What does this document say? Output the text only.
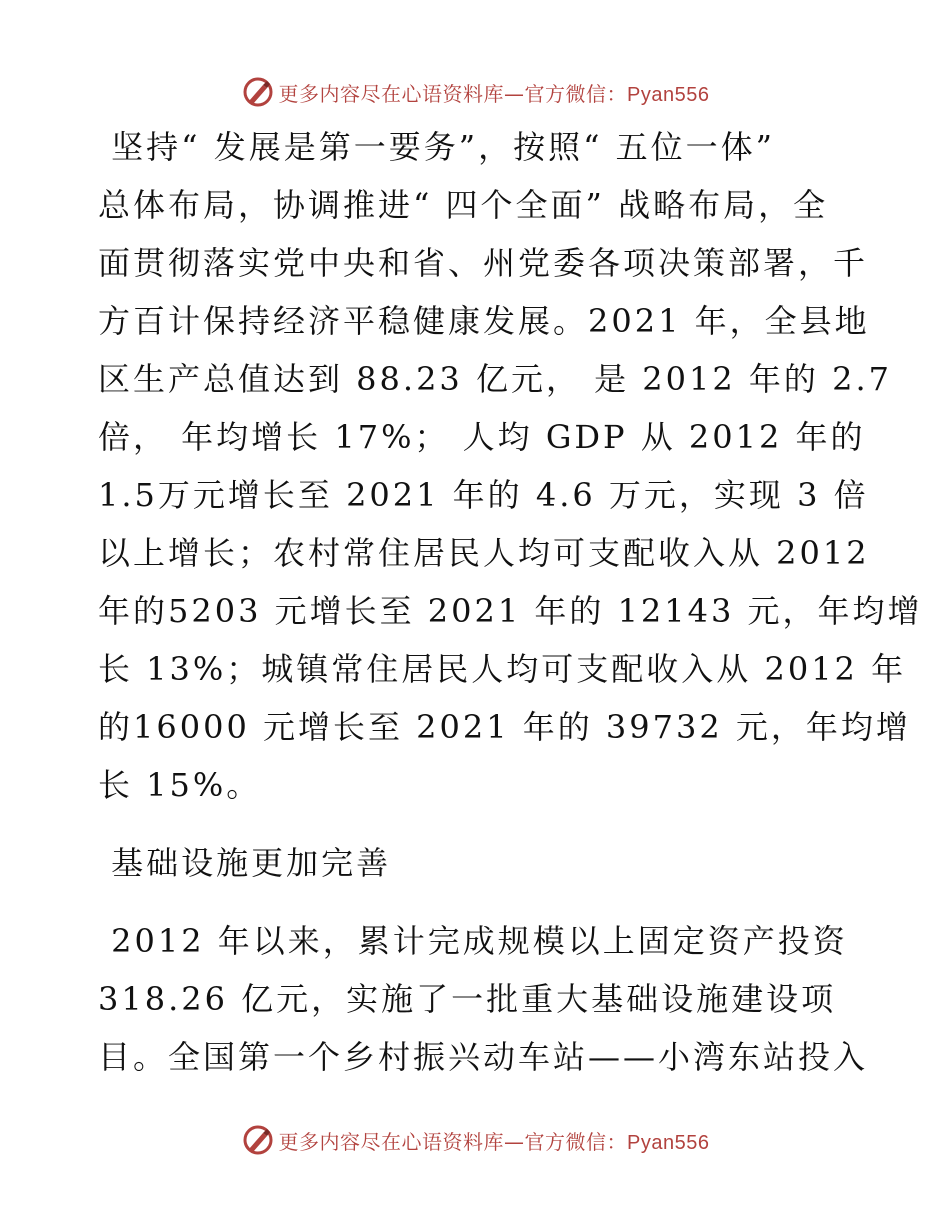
更多内容尽在心语资料库—官方微信：Pyan556
坚持“ 发展是第一要务”，按照“ 五位一体”
总体布局，协调推进“ 四个全面” 战略布局，全
面贯彻落实党中央和省、州党委各项决策部署，千
方百计保持经济平稳健康发展。2021 年，全县地
区生产总值达到 88.23 亿元， 是 2012 年的 2.7
倍， 年均增长 17%； 人均 GDP 从 2012 年的
1.5万元增长至 2021 年的 4.6 万元，实现 3 倍
以上增长；农村常住居民人均可支配收入从 2012
年的5203 元增长至 2021 年的 12143 元，年均增
长 13%；城镇常住居民人均可支配收入从 2012 年
的16000 元增长至 2021 年的 39732 元，年均增
长 15%。
基础设施更加完善
2012 年以来，累计完成规模以上固定资产投资
318.26 亿元，实施了一批重大基础设施建设项
目。全国第一个乡村振兴动车站——小湾东站投入
更多内容尽在心语资料库—官方微信：Pyan556
